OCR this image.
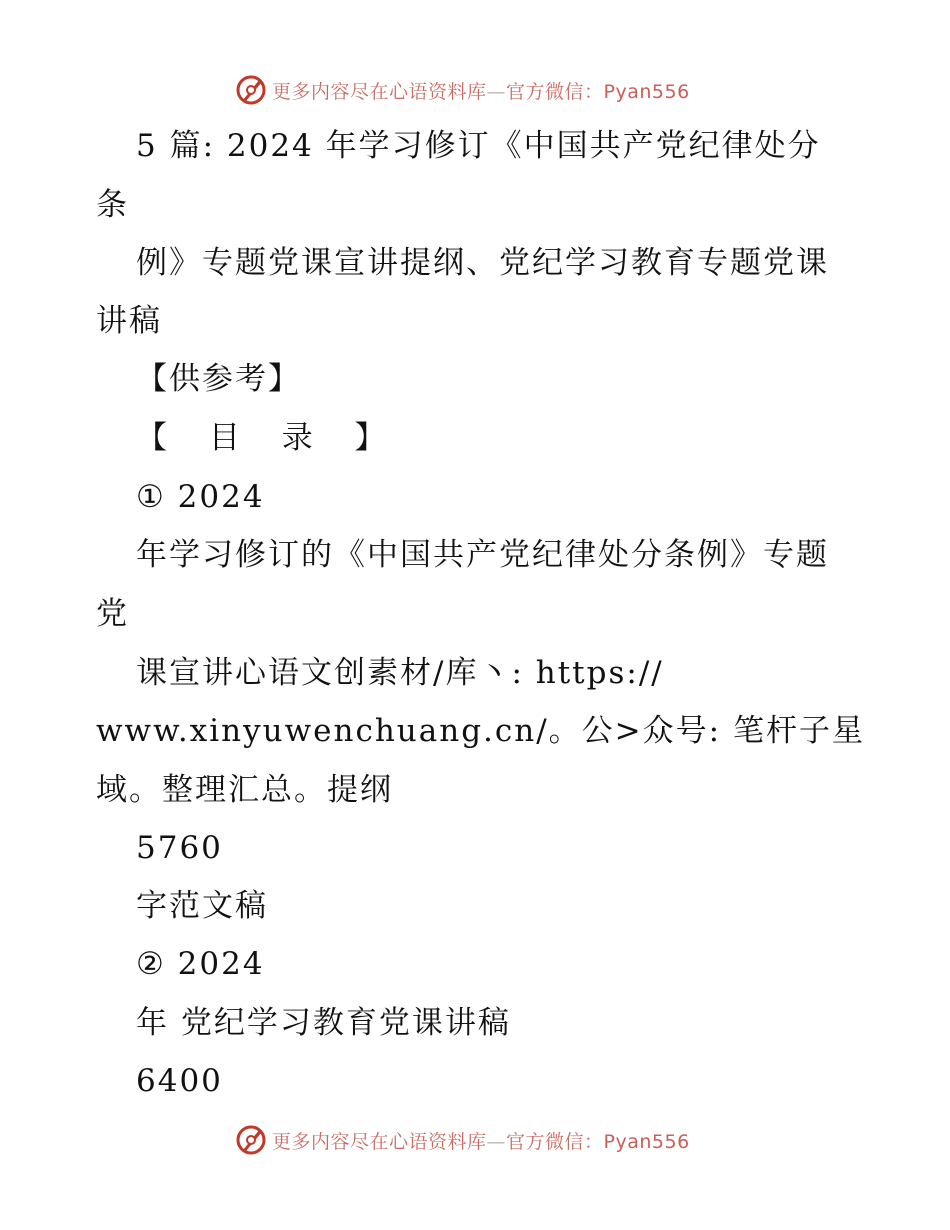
更多内容尽在心语资料库—官方微信：Pyan556
5 篇: 2024 年学习修订《中国共产党纪律处分
条
例》专题党课宣讲提纲、党纪学习教育专题党课
讲稿
【供参考】
【 目 录 】
① 2024
年学习修订的《中国共产党纪律处分条例》专题
党
课宣讲心语文创素材/库丶: https://
www.xinyuwenchuang.cn/。公>众号: 笔杆子星
域。整理汇总。提纲
5760
字范文稿
② 2024
年 党纪学习教育党课讲稿
6400
更多内容尽在心语资料库—官方微信：Pyan556
